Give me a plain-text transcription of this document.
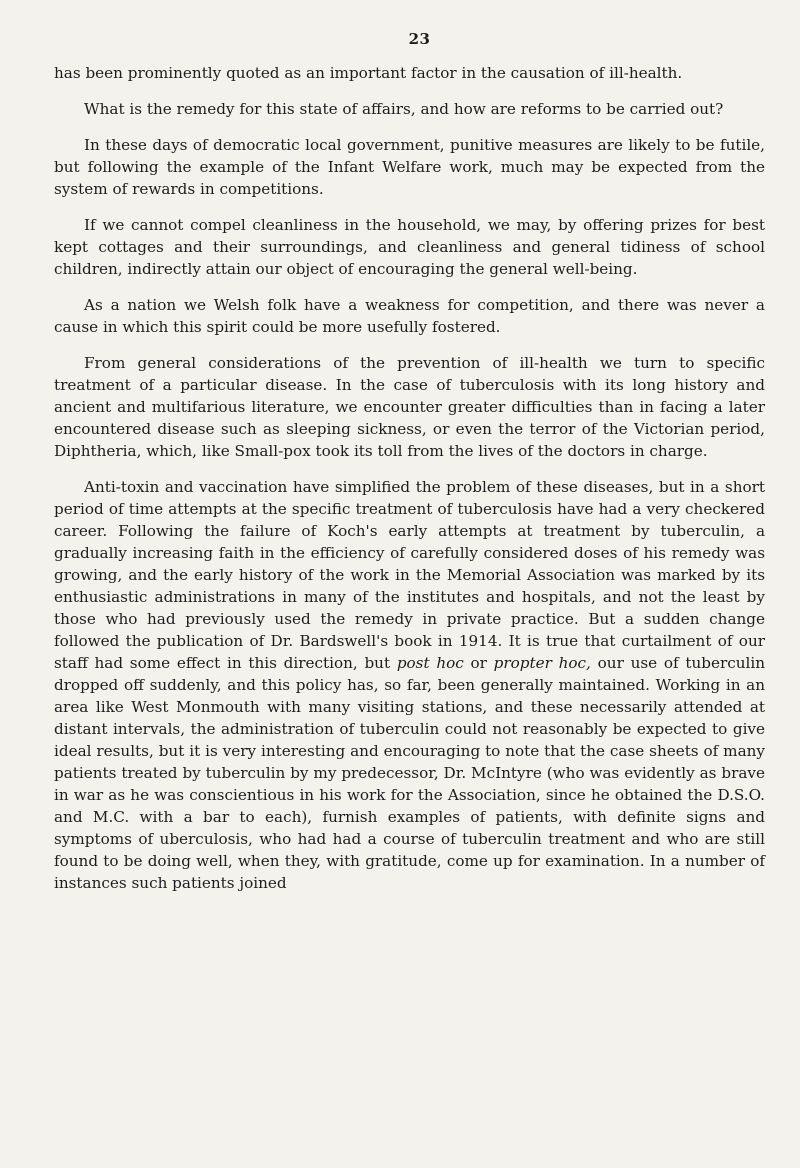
23

has been prominently quoted as an important factor in the causation of ill-health.

What is the remedy for this state of affairs, and how are reforms to be carried out?

In these days of democratic local government, punitive measures are likely to be futile, but following the example of the Infant Welfare work, much may be expected from the system of rewards in competitions.

If we cannot compel cleanliness in the household, we may, by offering prizes for best kept cottages and their surroundings, and cleanliness and general tidiness of school children, indirectly attain our object of encouraging the general well-being.

As a nation we Welsh folk have a weakness for competition, and there was never a cause in which this spirit could be more usefully fostered.

From general considerations of the prevention of ill-health we turn to specific treatment of a particular disease. In the case of tuberculosis with its long history and ancient and multifarious literature, we encounter greater difficulties than in facing a later encountered disease such as sleeping sickness, or even the terror of the Victorian period, Diphtheria, which, like Small-pox took its toll from the lives of the doctors in charge.

Anti-toxin and vaccination have simplified the problem of these diseases, but in a short period of time attempts at the specific treatment of tuberculosis have had a very checkered career. Following the failure of Koch's early attempts at treatment by tuberculin, a gradually increasing faith in the efficiency of carefully considered doses of his remedy was growing, and the early history of the work in the Memorial Association was marked by its enthusiastic administrations in many of the institutes and hospitals, and not the least by those who had previously used the remedy in private practice. But a sudden change followed the publication of Dr. Bardswell's book in 1914. It is true that curtailment of our staff had some effect in this direction, but post hoc or propter hoc, our use of tuberculin dropped off suddenly, and this policy has, so far, been generally maintained. Working in an area like West Monmouth with many visiting stations, and these necessarily attended at distant intervals, the administration of tuberculin could not reasonably be expected to give ideal results, but it is very interesting and encouraging to note that the case sheets of many patients treated by tuberculin by my predecessor, Dr. McIntyre (who was evidently as brave in war as he was conscientious in his work for the Association, since he obtained the D.S.O. and M.C. with a bar to each), furnish examples of patients, with definite signs and symptoms of uberculosis, who had had a course of tuberculin treatment and who are still found to be doing well, when they, with gratitude, come up for examination. In a number of instances such patients joined
